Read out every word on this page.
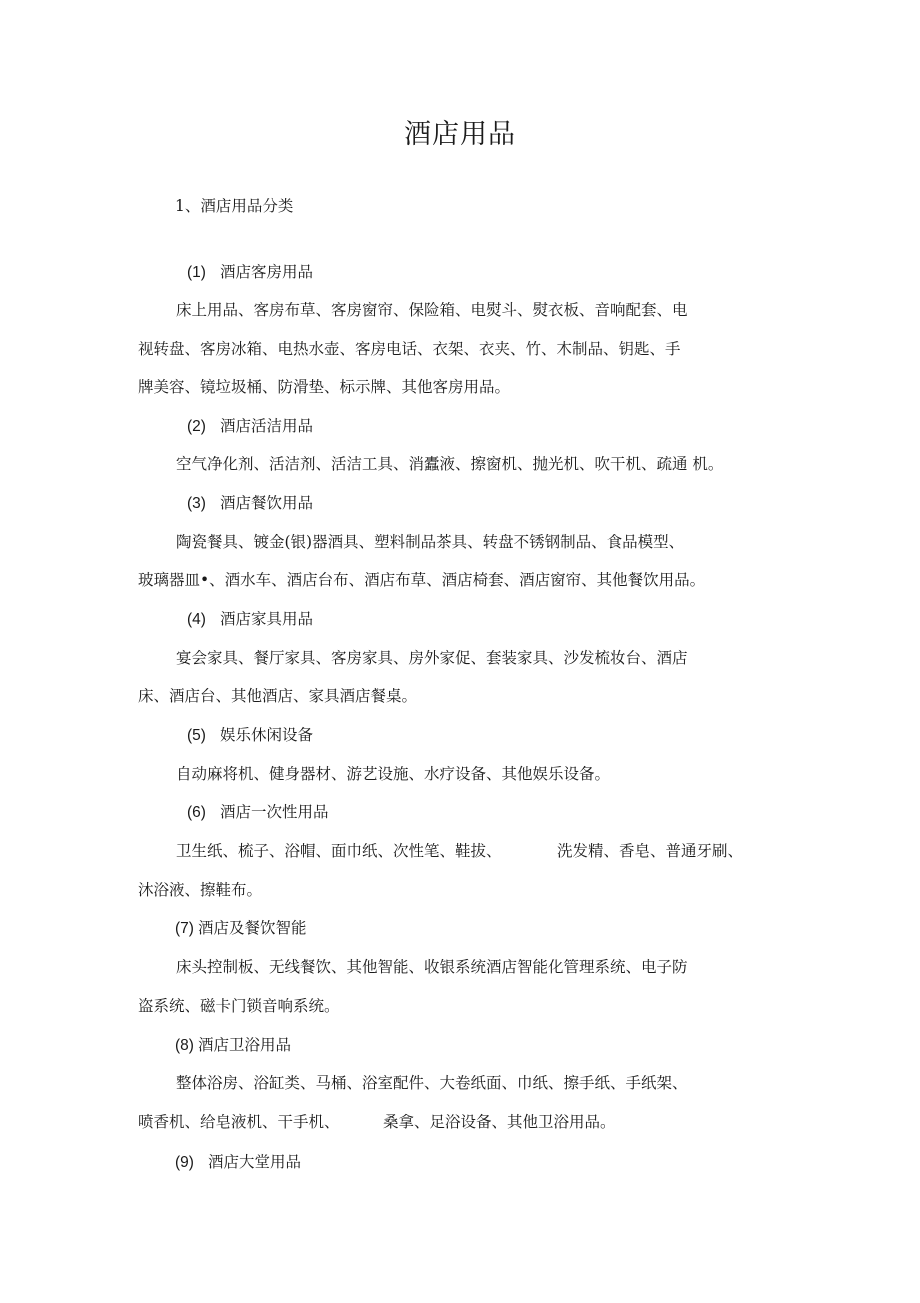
酒店用品
1、酒店用品分类
(1) 酒店客房用品
床上用品、客房布草、客房窗帘、保险箱、电熨斗、熨衣板、音响配套、电
视转盘、客房冰箱、电热水壶、客房电话、衣架、衣夹、竹、木制品、钥匙、手
牌美容、镜垃圾桶、防滑垫、标示牌、其他客房用品。
(2) 酒店活洁用品
空气净化剂、活洁剂、活洁工具、消蠹液、擦窗机、抛光机、吹干机、疏通 机。
(3) 酒店餐饮用品
陶瓷餐具、镀金(银)器酒具、塑料制品茶具、转盘不锈钢制品、食品模型、
玻璃器皿•、酒水车、酒店台布、酒店布草、酒店椅套、酒店窗帘、其他餐饮用品。
(4) 酒店家具用品
宴会家具、餐厅家具、客房家具、房外家促、套装家具、沙发梳妆台、酒店
床、酒店台、其他酒店、家具酒店餐桌。
(5) 娱乐休闲设备
自动麻将机、健身器材、游艺设施、水疗设备、其他娱乐设备。
(6) 酒店一次性用品
卫生纸、梳子、浴帽、面巾纸、次性笔、鞋拔、	洗发精、香皂、普通牙刷、
沐浴液、擦鞋布。
(7) 酒店及餐饮智能
床头控制板、无线餐饮、其他智能、收银系统酒店智能化管理系统、电子防
盗系统、磁卡门锁音响系统。
(8) 酒店卫浴用品
整体浴房、浴缸类、马桶、浴室配件、大卷纸面、巾纸、擦手纸、手纸架、
喷香机、给皂液机、干手机、	桑拿、足浴设备、其他卫浴用品。
(9) 酒店大堂用品
